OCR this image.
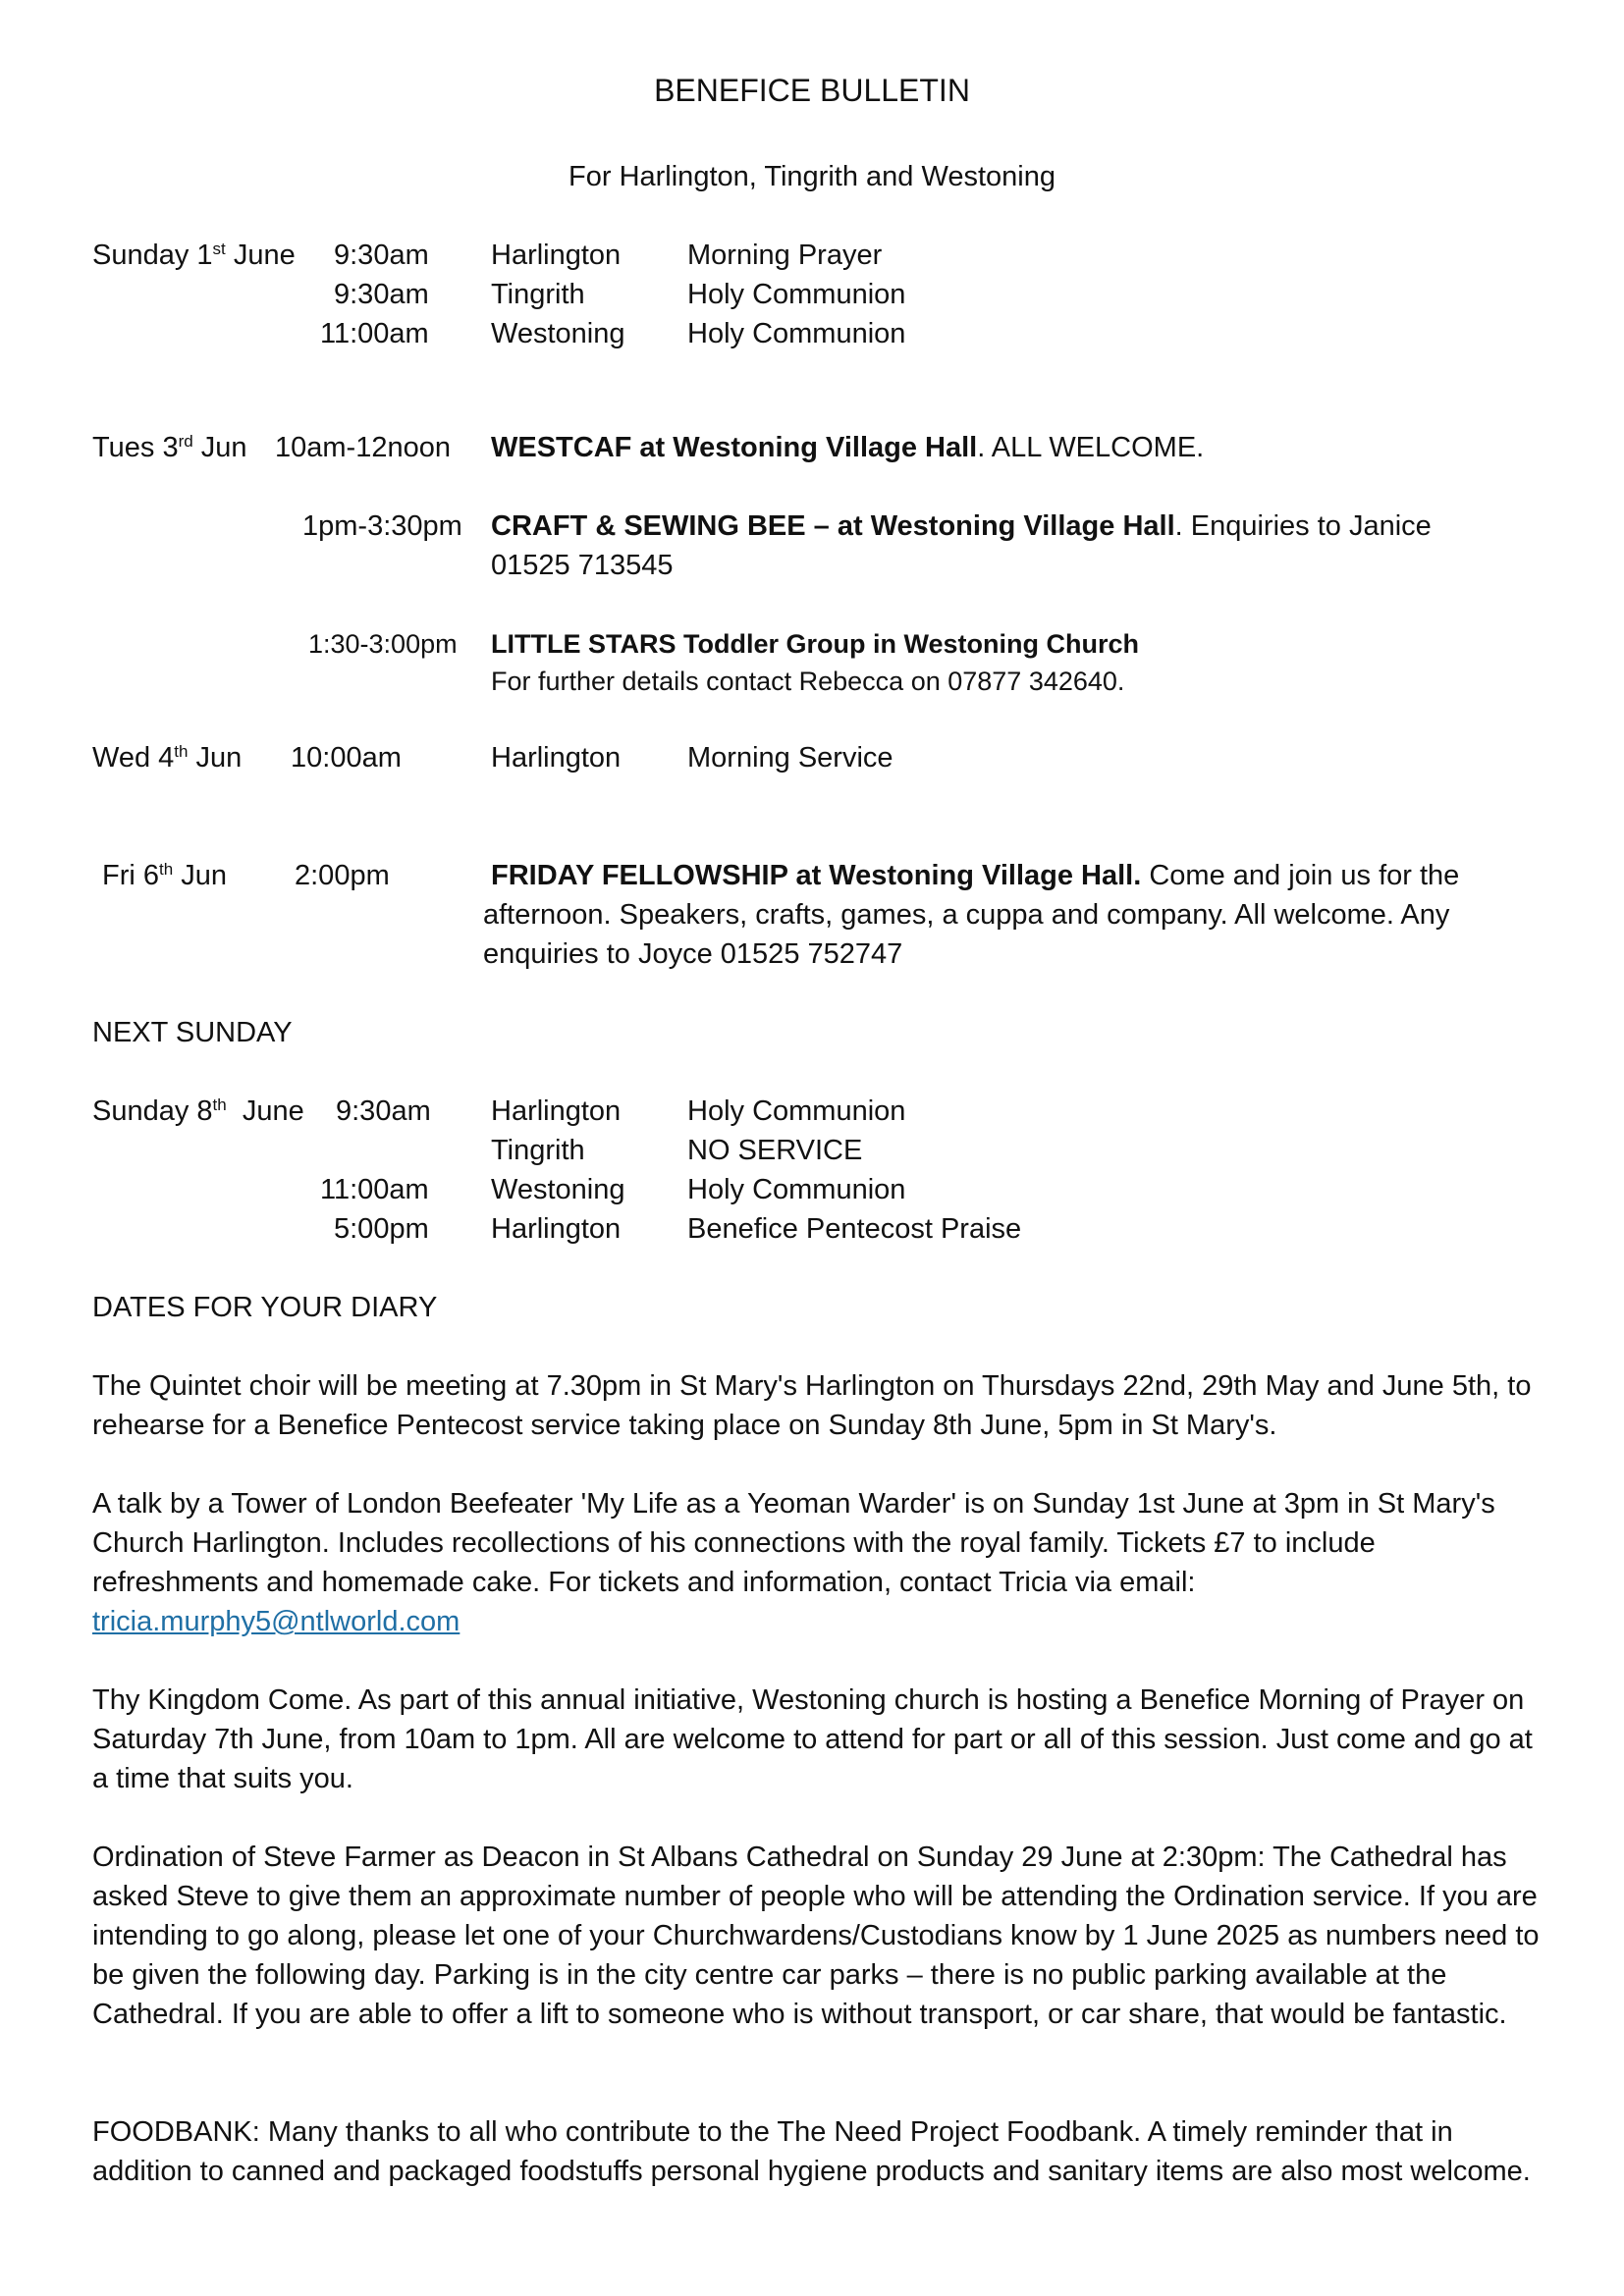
BENEFICE BULLETIN
For Harlington, Tingrith and Westoning
Sunday 1st June 9:30am Harlington Morning Prayer
9:30am Tingrith	Holy Communion
11:00am Westoning Holy Communion
Tues 3rd Jun 10am-12noon WESTCAF at Westoning Village Hall. ALL WELCOME.
1pm-3:30pm CRAFT & SEWING BEE – at Westoning Village Hall. Enquiries to Janice
01525 713545
1:30-3:00pm LITTLE STARS Toddler Group in Westoning Church
For further details contact Rebecca on 07877 342640.
Wed 4th Jun 10:00am	Harlington Morning Service
Fri 6th Jun 2:00pm	FRIDAY FELLOWSHIP at Westoning Village Hall. Come and join us for the
afternoon. Speakers, crafts, games, a cuppa and company. All welcome. Any
enquiries to Joyce 01525 752747
NEXT SUNDAY
Sunday 8th  June 9:30am Harlington Holy Communion
Tingrith	NO SERVICE
11:00am Westoning Holy Communion
5:00pm Harlington Benefice Pentecost Praise
DATES FOR YOUR DIARY
The Quintet choir will be meeting at 7.30pm in St Mary's Harlington on Thursdays 22nd, 29th May and June 5th, to rehearse for a Benefice Pentecost service taking place on Sunday 8th June, 5pm in St Mary's.
A talk by a Tower of London Beefeater 'My Life as a Yeoman Warder' is on Sunday 1st June at 3pm in St Mary's Church Harlington. Includes recollections of his connections with the royal family. Tickets £7 to include refreshments and homemade cake. For tickets and information, contact Tricia via email:
tricia.murphy5@ntlworld.com
Thy Kingdom Come. As part of this annual initiative, Westoning church is hosting a Benefice Morning of Prayer on Saturday 7th June, from 10am to 1pm. All are welcome to attend for part or all of this session. Just come and go at a time that suits you.
Ordination of Steve Farmer as Deacon in St Albans Cathedral on Sunday 29 June at 2:30pm: The Cathedral has asked Steve to give them an approximate number of people who will be attending the Ordination service. If you are intending to go along, please let one of your Churchwardens/Custodians know by 1 June 2025 as numbers need to be given the following day. Parking is in the city centre car parks – there is no public parking available at the Cathedral. If you are able to offer a lift to someone who is without transport, or car share, that would be fantastic.
FOODBANK: Many thanks to all who contribute to the The Need Project Foodbank. A timely reminder that in addition to canned and packaged foodstuffs personal hygiene products and sanitary items are also most welcome.
